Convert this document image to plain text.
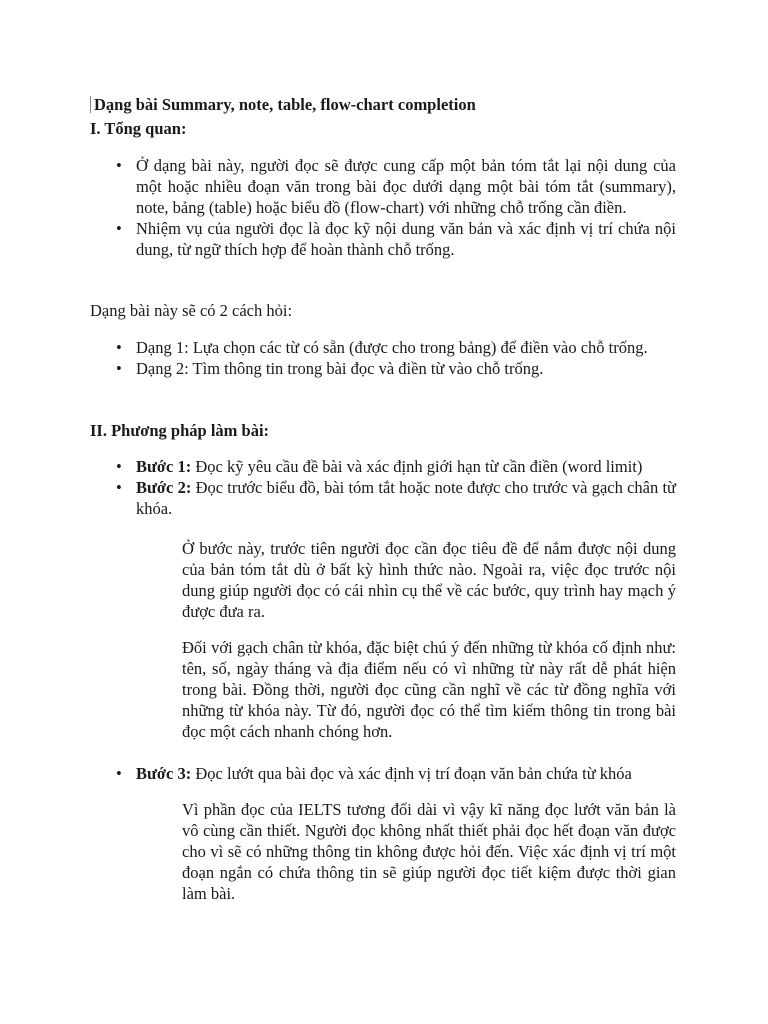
Dạng bài Summary, note, table, flow-chart completion
I. Tổng quan:
• Ở dạng bài này, người đọc sẽ được cung cấp một bản tóm tắt lại nội dung của một hoặc nhiều đoạn văn trong bài đọc dưới dạng một bài tóm tắt (summary), note, bảng (table) hoặc biểu đồ (flow-chart) với những chỗ trống cần điền.
• Nhiệm vụ của người đọc là đọc kỹ nội dung văn bản và xác định vị trí chứa nội dung, từ ngữ thích hợp để hoàn thành chỗ trống.

Dạng bài này sẽ có 2 cách hỏi:

• Dạng 1: Lựa chọn các từ có sẵn (được cho trong bảng) để điền vào chỗ trống.
• Dạng 2: Tìm thông tin trong bài đọc và điền từ vào chỗ trống.
II. Phương pháp làm bài:
• Bước 1: Đọc kỹ yêu cầu đề bài và xác định giới hạn từ cần điền (word limit)
• Bước 2: Đọc trước biểu đồ, bài tóm tắt hoặc note được cho trước và gạch chân từ khóa.

Ở bước này, trước tiên người đọc cần đọc tiêu đề để nắm được nội dung của bản tóm tắt dù ở bất kỳ hình thức nào. Ngoài ra, việc đọc trước nội dung giúp người đọc có cái nhìn cụ thể về các bước, quy trình hay mạch ý được đưa ra.

Đối với gạch chân từ khóa, đặc biệt chú ý đến những từ khóa cố định như: tên, số, ngày tháng và địa điểm nếu có vì những từ này rất dễ phát hiện trong bài. Đồng thời, người đọc cũng cần nghĩ về các từ đồng nghĩa với những từ khóa này. Từ đó, người đọc có thể tìm kiếm thông tin trong bài đọc một cách nhanh chóng hơn.

• Bước 3: Đọc lướt qua bài đọc và xác định vị trí đoạn văn bản chứa từ khóa

Vì phần đọc của IELTS tương đối dài vì vậy kĩ năng đọc lướt văn bản là vô cùng cần thiết. Người đọc không nhất thiết phải đọc hết đoạn văn được cho vì sẽ có những thông tin không được hỏi đến. Việc xác định vị trí một đoạn ngắn có chứa thông tin sẽ giúp người đọc tiết kiệm được thời gian làm bài.
